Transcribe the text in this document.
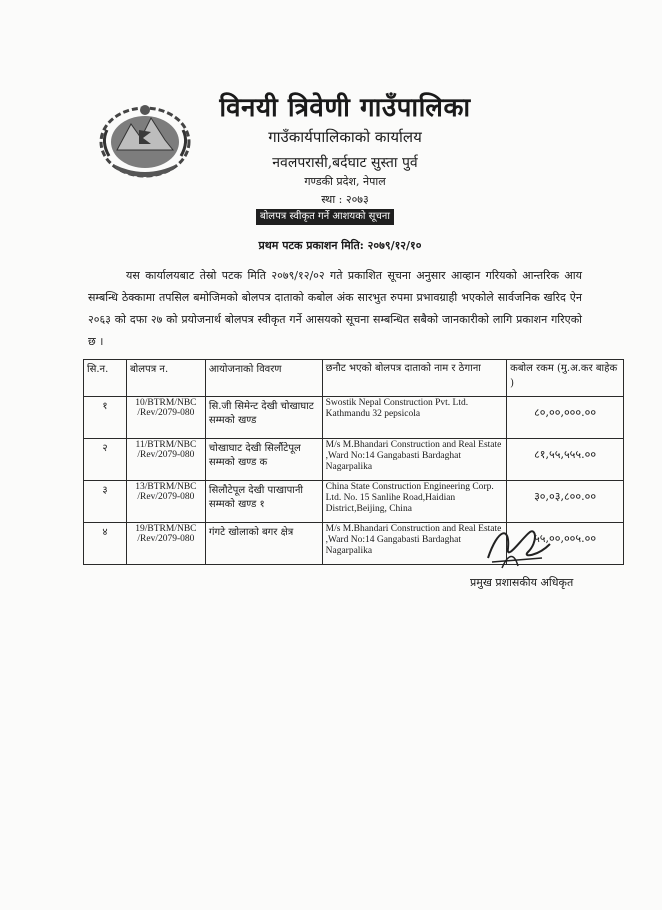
विनयी त्रिवेणी गाउँपालिका
गाउँकार्यपालिकाको कार्यालय
नवलपरासी,बर्दघाट सुस्ता पुर्व
गण्डकी प्रदेश, नेपाल
स्था : २०७३
बोलपत्र स्वीकृत गर्ने आशयको सूचना
प्रथम पटक प्रकाशन मिति: २०७९/१२/१०
यस कार्यालयबाट तेस्रो पटक मिति २०७९/१२/०२ गते प्रकाशित सूचना अनुसार आव्हान गरियको आन्तरिक आय सम्बन्धि ठेक्कामा तपसिल बमोजिमको बोलपत्र दाताको कबोल अंक सारभुत रुपमा प्रभावग्राही भएकोले सार्वजनिक खरिद ऐन २०६३ को दफा २७ को प्रयोजनार्थ बोलपत्र स्वीकृत गर्ने आसयको सूचना सम्बन्धित सबैको जानकारीको लागि प्रकाशन गरिएको छ ।
सि.न.	बोलपत्र न.	आयोजनाको विवरण	छनौट भएको बोलपत्र दाताको नाम र ठेगाना	कबोल रकम (मु.अ.कर बाहेक )
१	10/BTRM/NBC /Rev/2079-080	सि.जी सिमेन्ट देखी चोखाघाट सम्मको खण्ड	Swostik Nepal Construction Pvt. Ltd. Kathmandu 32 pepsicola	८०,००,०००.००
२	11/BTRM/NBC /Rev/2079-080	चोखाघाट देखी सिर्लौटेपूल सम्मको खण्ड क	M/s M.Bhandari Construction and Real Estate ,Ward No:14 Gangabasti Bardaghat Nagarpalika	८१,५५,५५५.००
३	13/BTRM/NBC /Rev/2079-080	सिलौटेपूल देखी पाखापानी सम्मको खण्ड १	China State Construction Engineering Corp. Ltd. No. 15 Sanlihe Road,Haidian District,Beijing, China	३०,०३,८००.००
४	19/BTRM/NBC /Rev/2079-080	गंगटे खोलाको बगर क्षेत्र	M/s M.Bhandari Construction and Real Estate ,Ward No:14 Gangabasti Bardaghat Nagarpalika	५५,००,००५.००
प्रमुख प्रशासकीय अधिकृत
